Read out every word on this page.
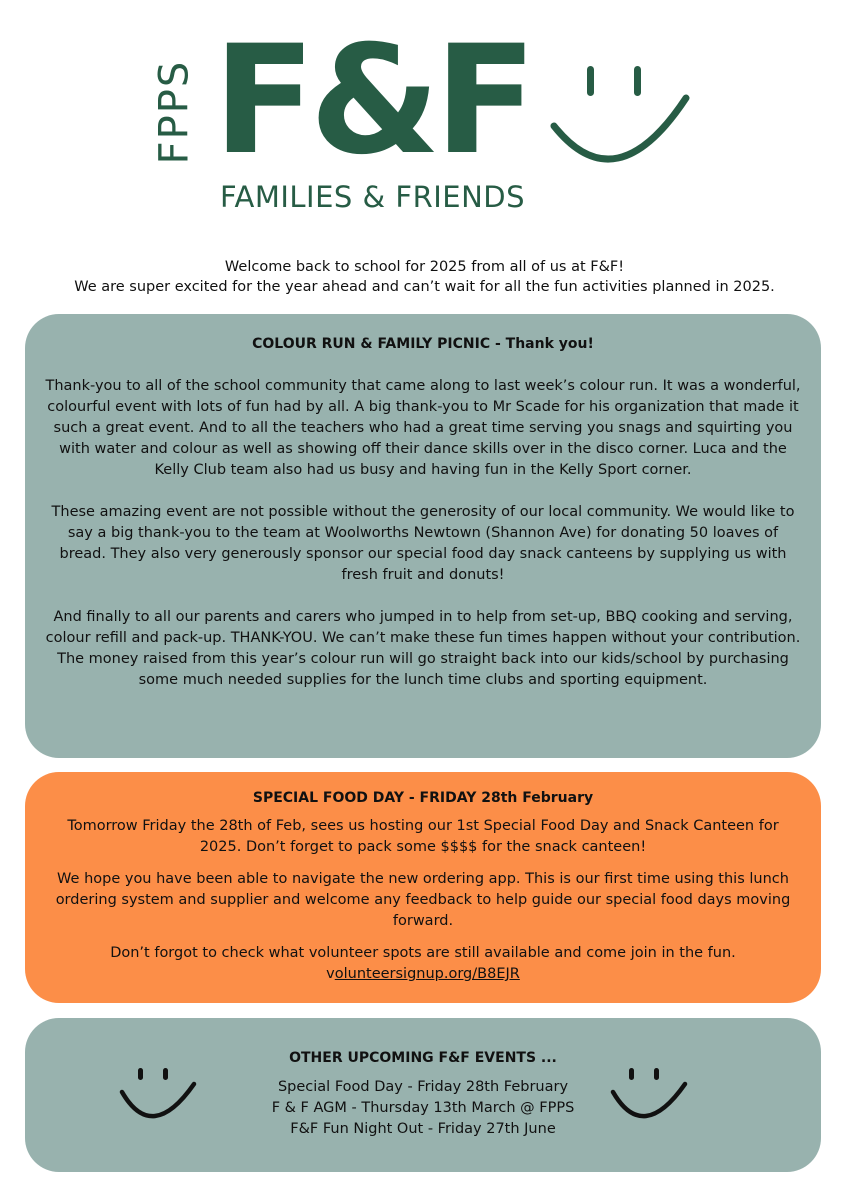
FPPS F&F
FAMILIES & FRIENDS
Welcome back to school for 2025 from all of us at F&F!
We are super excited for the year ahead and can’t wait for all the fun activities planned in 2025.
COLOUR RUN & FAMILY PICNIC - Thank you!
Thank-you to all of the school community that came along to last week’s colour run. It was a wonderful, colourful event with lots of fun had by all. A big thank-you to Mr Scade for his organization that made it such a great event. And to all the teachers who had a great time serving you snags and squirting you with water and colour as well as showing off their dance skills over in the disco corner. Luca and the Kelly Club team also had us busy and having fun in the Kelly Sport corner.
These amazing event are not possible without the generosity of our local community. We would like to say a big thank-you to the team at Woolworths Newtown (Shannon Ave) for donating 50 loaves of bread. They also very generously sponsor our special food day snack canteens by supplying us with fresh fruit and donuts!
And finally to all our parents and carers who jumped in to help from set-up, BBQ cooking and serving, colour refill and pack-up. THANK-YOU. We can’t make these fun times happen without your contribution.
The money raised from this year’s colour run will go straight back into our kids/school by purchasing some much needed supplies for the lunch time clubs and sporting equipment.
SPECIAL FOOD DAY - FRIDAY 28th February
Tomorrow Friday the 28th of Feb, sees us hosting our 1st Special Food Day and Snack Canteen for 2025. Don’t forget to pack some $$$$ for the snack canteen!
We hope you have been able to navigate the new ordering app. This is our first time using this lunch ordering system and supplier and welcome any feedback to help guide our special food days moving forward.
Don’t forgot to check what volunteer spots are still available and come join in the fun.
volunteersignup.org/B8EJR
OTHER UPCOMING F&F EVENTS ...
Special Food Day - Friday 28th February
F & F AGM - Thursday 13th March @ FPPS
F&F Fun Night Out - Friday 27th June
